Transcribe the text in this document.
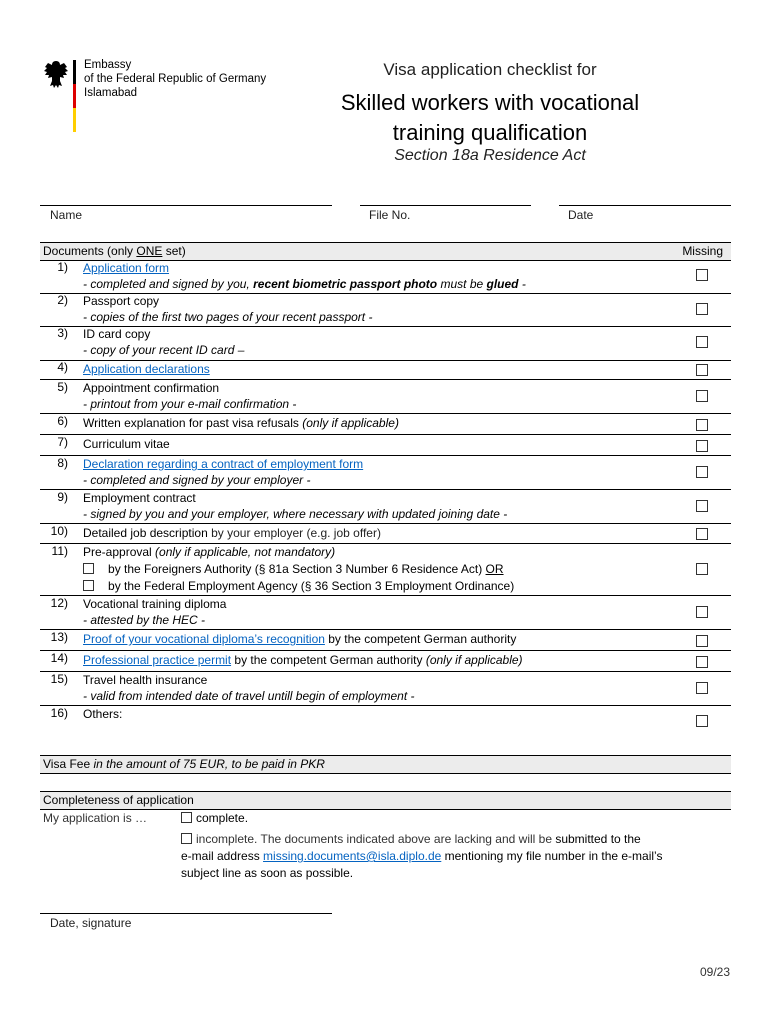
Embassy
of the Federal Republic of Germany
Islamabad
Visa application checklist for
Skilled workers with vocational
training qualification
Section 18a Residence Act
Name	File No.	Date
Documents (only ONE set)	Missing
1) Application form
- completed and signed by you, recent biometric passport photo must be glued -
2) Passport copy
- copies of the first two pages of your recent passport -
3) ID card copy
- copy of your recent ID card –
4) Application declarations
5) Appointment confirmation
- printout from your e-mail confirmation -
6) Written explanation for past visa refusals (only if applicable)
7) Curriculum vitae
8) Declaration regarding a contract of employment form
- completed and signed by your employer -
9) Employment contract
- signed by you and your employer, where necessary with updated joining date -
10) Detailed job description by your employer (e.g. job offer)
11) Pre-approval (only if applicable, not mandatory)
by the Foreigners Authority (§ 81a Section 3 Number 6 Residence Act) OR
by the Federal Employment Agency (§ 36 Section 3 Employment Ordinance)
12) Vocational training diploma
- attested by the HEC -
13) Proof of your vocational diploma’s recognition by the competent German authority
14) Professional practice permit by the competent German authority (only if applicable)
15) Travel health insurance
- valid from intended date of travel untill begin of employment -
16) Others:
Visa Fee in the amount of 75 EUR, to be paid in PKR
Completeness of application
My application is …	complete.
incomplete. The documents indicated above are lacking and will be submitted to the
e-mail address missing.documents@isla.diplo.de mentioning my file number in the e-mail’s
subject line as soon as possible.
Date, signature
09/23
